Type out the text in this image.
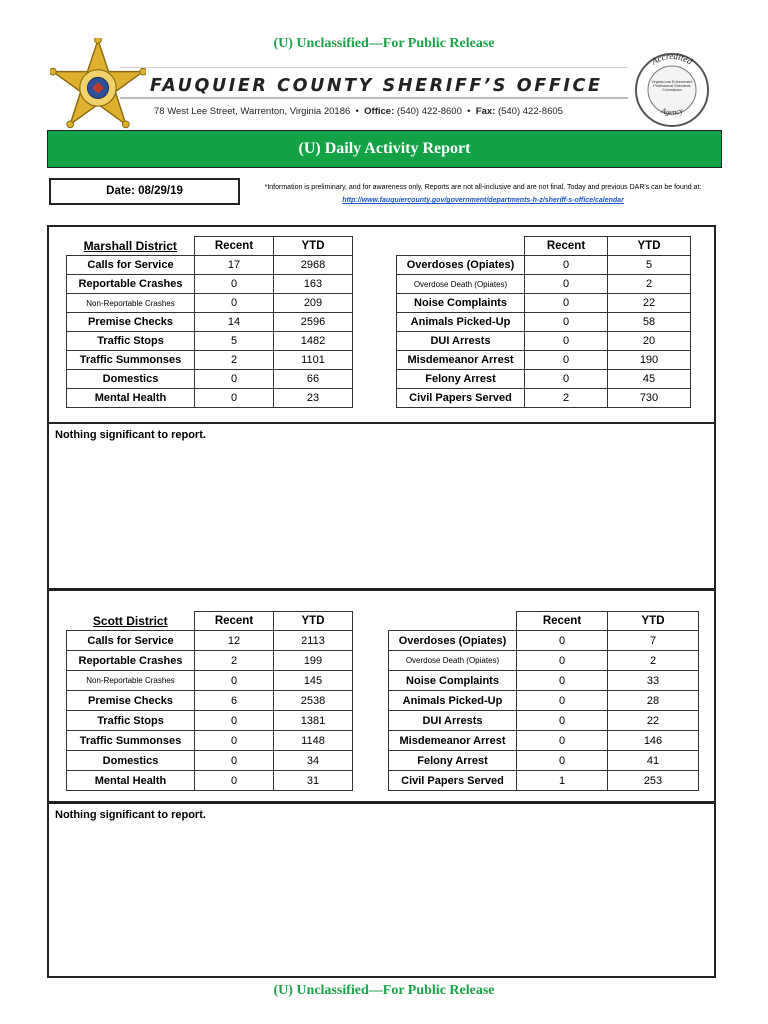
(U) Unclassified—For Public Release
FAUQUIER COUNTY SHERIFF’S OFFICE
78 West Lee Street, Warrenton, Virginia 20186  •  Office: (540) 422-8600  •  Fax: (540) 422-8605
Accredited
Agency
Virginia Law Enforcement Professional Standards Commission
(U) Daily Activity Report
Date: 08/29/19	*Information is preliminary, and for awareness only. Reports are not all-inclusive and are not final. Today and previous DAR's can be found at: http://www.fauquiercounty.gov/government/departments-h-z/sheriff-s-office/calendar
Marshall District	Recent	YTD
Calls for Service	17	2968
Reportable Crashes	0	163
Non-Reportable Crashes	0	209
Premise Checks	14	2596
Traffic Stops	5	1482
Traffic Summonses	2	1101
Domestics	0	66
Mental Health	0	23
	Recent	YTD
Overdoses (Opiates)	0	5
Overdose Death (Opiates)	0	2
Noise Complaints	0	22
Animals Picked-Up	0	58
DUI Arrests	0	20
Misdemeanor Arrest	0	190
Felony Arrest	0	45
Civil Papers Served	2	730
Nothing significant to report.
Scott District	Recent	YTD
Calls for Service	12	2113
Reportable Crashes	2	199
Non-Reportable Crashes	0	145
Premise Checks	6	2538
Traffic Stops	0	1381
Traffic Summonses	0	1148
Domestics	0	34
Mental Health	0	31
	Recent	YTD
Overdoses (Opiates)	0	7
Overdose Death (Opiates)	0	2
Noise Complaints	0	33
Animals Picked-Up	0	28
DUI Arrests	0	22
Misdemeanor Arrest	0	146
Felony Arrest	0	41
Civil Papers Served	1	253
Nothing significant to report.
(U) Unclassified—For Public Release
